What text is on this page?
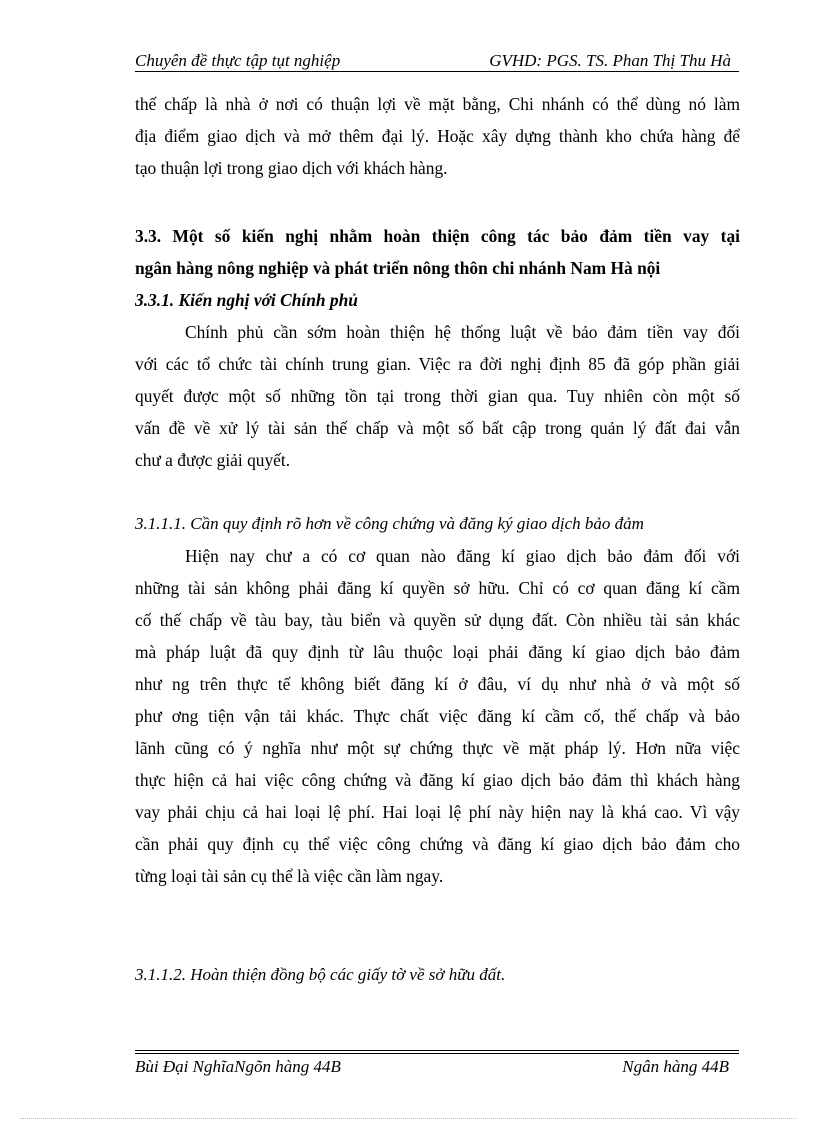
Chuyên đề thực tập tụt nghiệp	GVHD: PGS. TS. Phan Thị Thu Hà
thế chấp là nhà ở nơi có thuận lợi về mặt bằng, Chi nhánh có thể dùng nó làm
địa điểm giao dịch và mở thêm đại lý. Hoặc xây dựng thành kho chứa hàng để
tạo thuận lợi trong giao dịch với khách hàng.
3.3. Một số kiến nghị nhằm hoàn thiện công tác bảo đảm tiền vay tại
ngân hàng nông nghiệp và phát triển nông thôn chi nhánh Nam Hà nội
3.3.1. Kiến nghị với Chính phủ
Chính phủ cần sớm hoàn thiện hệ thống luật về bảo đảm tiền vay đối
với các tổ chức tài chính trung gian. Việc ra đời nghị định 85 đã góp phần giải
quyết được một số những tồn tại trong thời gian qua. Tuy nhiên còn một số
vấn đề về xử lý tài sản thế chấp và một số bất cập trong quản lý đất đai vẫn
chư a được giải quyết.
3.1.1.1. Cần quy định rõ hơn về công chứng và đăng ký giao dịch bảo đảm
Hiện nay chư a có cơ quan nào đăng kí giao dịch bảo đảm đối với
những tài sản không phải đăng kí quyền sở hữu. Chỉ có cơ quan đăng kí cầm
cố thế chấp về tàu bay, tàu biển và quyền sử dụng đất. Còn nhiều tài sản khác
mà pháp luật đã quy định từ lâu thuộc loại phải đăng kí giao dịch bảo đảm
như ng trên thực tế không biết đăng kí ở đâu, ví dụ như nhà ở và một số
phư ơng tiện vận tải khác. Thực chất việc đăng kí cầm cố, thế chấp và bảo
lãnh cũng có ý nghĩa như một sự chứng thực về mặt pháp lý. Hơn nữa việc
thực hiện cả hai việc công chứng và đăng kí giao dịch bảo đảm thì khách hàng
vay phải chịu cả hai loại lệ phí. Hai loại lệ phí này hiện nay là khá cao. Vì vậy
cần phải quy định cụ thể việc công chứng và đăng kí giao dịch bảo đảm cho
từng loại tài sản cụ thể là việc cần làm ngay.
3.1.1.2. Hoàn thiện đồng bộ các giấy tờ về sở hữu đất.
Bùi Đại NghĩaNgõn hàng 44B	Ngân hàng 44B
